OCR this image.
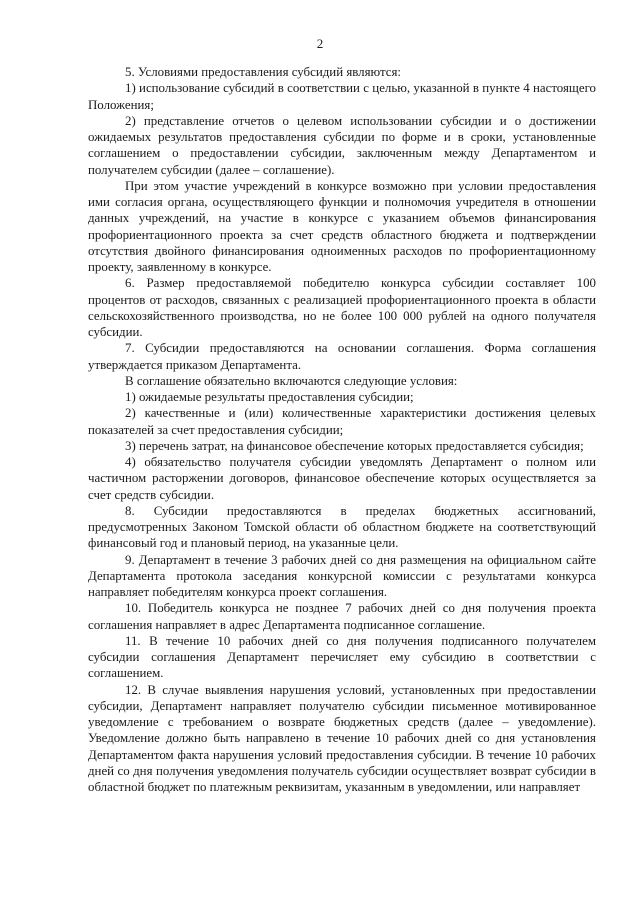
2

5. Условиями предоставления субсидий являются:

1) использование субсидий в соответствии с целью, указанной в пункте 4 настоящего Положения;

2) представление отчетов о целевом использовании субсидии и о достижении ожидаемых результатов предоставления субсидии по форме и в сроки, установленные соглашением о предоставлении субсидии, заключенным между Департаментом и получателем субсидии (далее – соглашение).

При этом участие учреждений в конкурсе возможно при условии предоставления ими согласия органа, осуществляющего функции и полномочия учредителя в отношении данных учреждений, на участие в конкурсе с указанием объемов финансирования профориентационного проекта за счет средств областного бюджета и подтверждении отсутствия двойного финансирования одноименных расходов по профориентационному проекту, заявленному в конкурсе.

6. Размер предоставляемой победителю конкурса субсидии составляет 100 процентов от расходов, связанных с реализацией профориентационного проекта в области сельскохозяйственного производства, но не более 100 000 рублей на одного получателя субсидии.

7. Субсидии предоставляются на основании соглашения. Форма соглашения утверждается приказом Департамента.

В соглашение обязательно включаются следующие условия:

1) ожидаемые результаты предоставления субсидии;

2) качественные и (или) количественные характеристики достижения целевых показателей за счет предоставления субсидии;

3) перечень затрат, на финансовое обеспечение которых предоставляется субсидия;

4) обязательство получателя субсидии уведомлять Департамент о полном или частичном расторжении договоров, финансовое обеспечение которых осуществляется за счет средств субсидии.

8. Субсидии предоставляются в пределах бюджетных ассигнований, предусмотренных Законом Томской области об областном бюджете на соответствующий финансовый год и плановый период, на указанные цели.

9. Департамент в течение 3 рабочих дней со дня размещения на официальном сайте Департамента протокола заседания конкурсной комиссии с результатами конкурса направляет победителям конкурса проект соглашения.

10. Победитель конкурса не позднее 7 рабочих дней со дня получения проекта соглашения направляет в адрес Департамента подписанное соглашение.

11. В течение 10 рабочих дней со дня получения подписанного получателем субсидии соглашения Департамент перечисляет ему субсидию в соответствии с соглашением.

12. В случае выявления нарушения условий, установленных при предоставлении субсидии, Департамент направляет получателю субсидии письменное мотивированное уведомление с требованием о возврате бюджетных средств (далее – уведомление). Уведомление должно быть направлено в течение 10 рабочих дней со дня установления Департаментом факта нарушения условий предоставления субсидии. В течение 10 рабочих дней со дня получения уведомления получатель субсидии осуществляет возврат субсидии в областной бюджет по платежным реквизитам, указанным в уведомлении, или направляет
